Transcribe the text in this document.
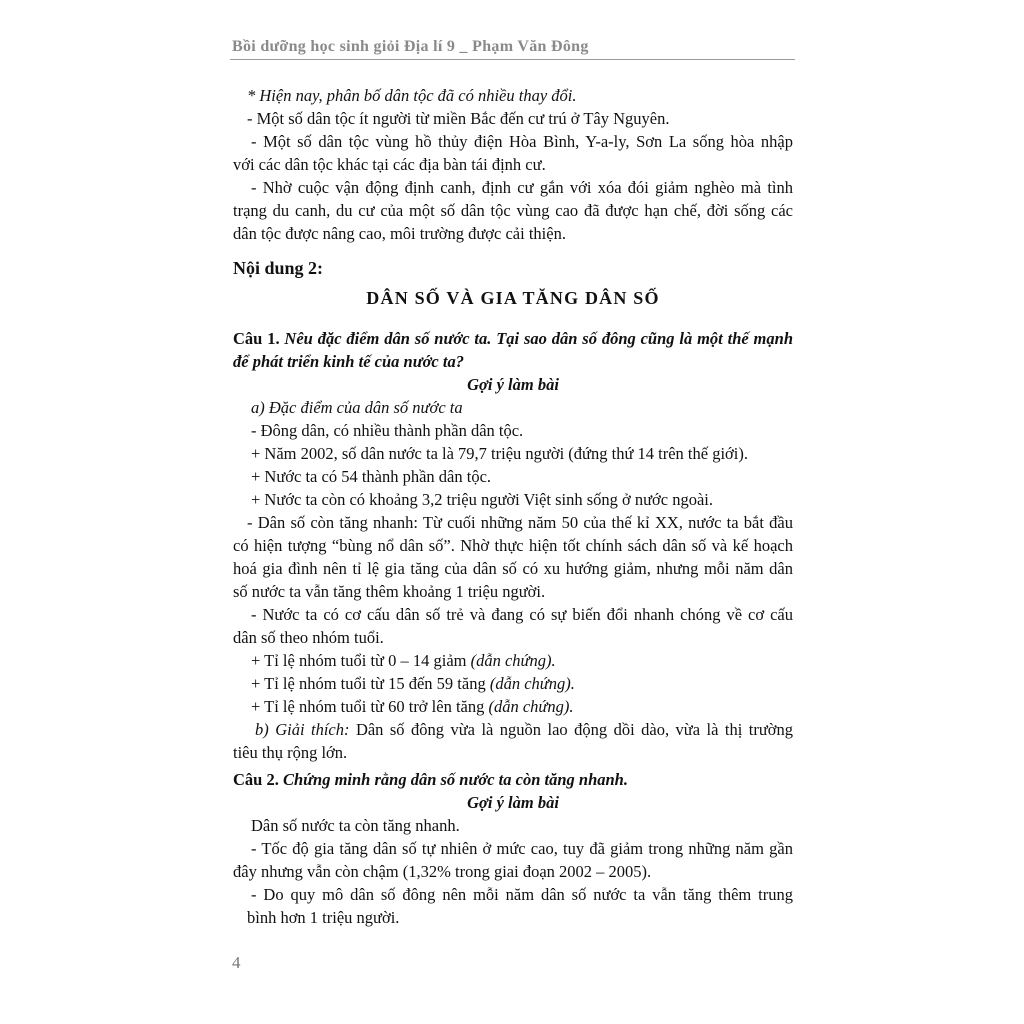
Bồi dưỡng học sinh giỏi Địa lí 9 _ Phạm Văn Đông
* Hiện nay, phân bố dân tộc đã có nhiều thay đổi.
- Một số dân tộc ít người từ miền Bắc đến cư trú ở Tây Nguyên.
- Một số dân tộc vùng hồ thủy điện Hòa Bình, Y-a-ly, Sơn La sống hòa nhập
với các dân tộc khác tại các địa bàn tái định cư.
- Nhờ cuộc vận động định canh, định cư gắn với xóa đói giảm nghèo mà tình
trạng du canh, du cư của một số dân tộc vùng cao đã được hạn chế, đời sống các
dân tộc được nâng cao, môi trường được cải thiện.
Nội dung 2:
DÂN SỐ VÀ GIA TĂNG DÂN SỐ
Câu 1. Nêu đặc điểm dân số nước ta. Tại sao dân số đông cũng là một thế mạnh
để phát triển kinh tế của nước ta?
Gợi ý làm bài
a) Đặc điểm của dân số nước ta
- Đông dân, có nhiều thành phần dân tộc.
+ Năm 2002, số dân nước ta là 79,7 triệu người (đứng thứ 14 trên thế giới).
+ Nước ta có 54 thành phần dân tộc.
+ Nước ta còn có khoảng 3,2 triệu người Việt sinh sống ở nước ngoài.
- Dân số còn tăng nhanh: Từ cuối những năm 50 của thế kỉ XX, nước ta bắt đầu
có hiện tượng “bùng nổ dân số”. Nhờ thực hiện tốt chính sách dân số và kế hoạch
hoá gia đình nên tỉ lệ gia tăng của dân số có xu hướng giảm, nhưng mỗi năm dân
số nước ta vẫn tăng thêm khoảng 1 triệu người.
- Nước ta có cơ cấu dân số trẻ và đang có sự biến đổi nhanh chóng về cơ cấu
dân số theo nhóm tuổi.
+ Tỉ lệ nhóm tuổi từ 0 – 14 giảm (dẫn chứng).
+ Tỉ lệ nhóm tuổi từ 15 đến 59 tăng (dẫn chứng).
+ Tỉ lệ nhóm tuổi từ 60 trở lên tăng (dẫn chứng).
b) Giải thích: Dân số đông vừa là nguồn lao động dồi dào, vừa là thị trường
tiêu thụ rộng lớn.
Câu 2. Chứng minh rằng dân số nước ta còn tăng nhanh.
Gợi ý làm bài
Dân số nước ta còn tăng nhanh.
- Tốc độ gia tăng dân số tự nhiên ở mức cao, tuy đã giảm trong những năm gần
đây nhưng vẫn còn chậm (1,32% trong giai đoạn 2002 – 2005).
- Do quy mô dân số đông nên mỗi năm dân số nước ta vẫn tăng thêm trung
bình hơn 1 triệu người.
4
